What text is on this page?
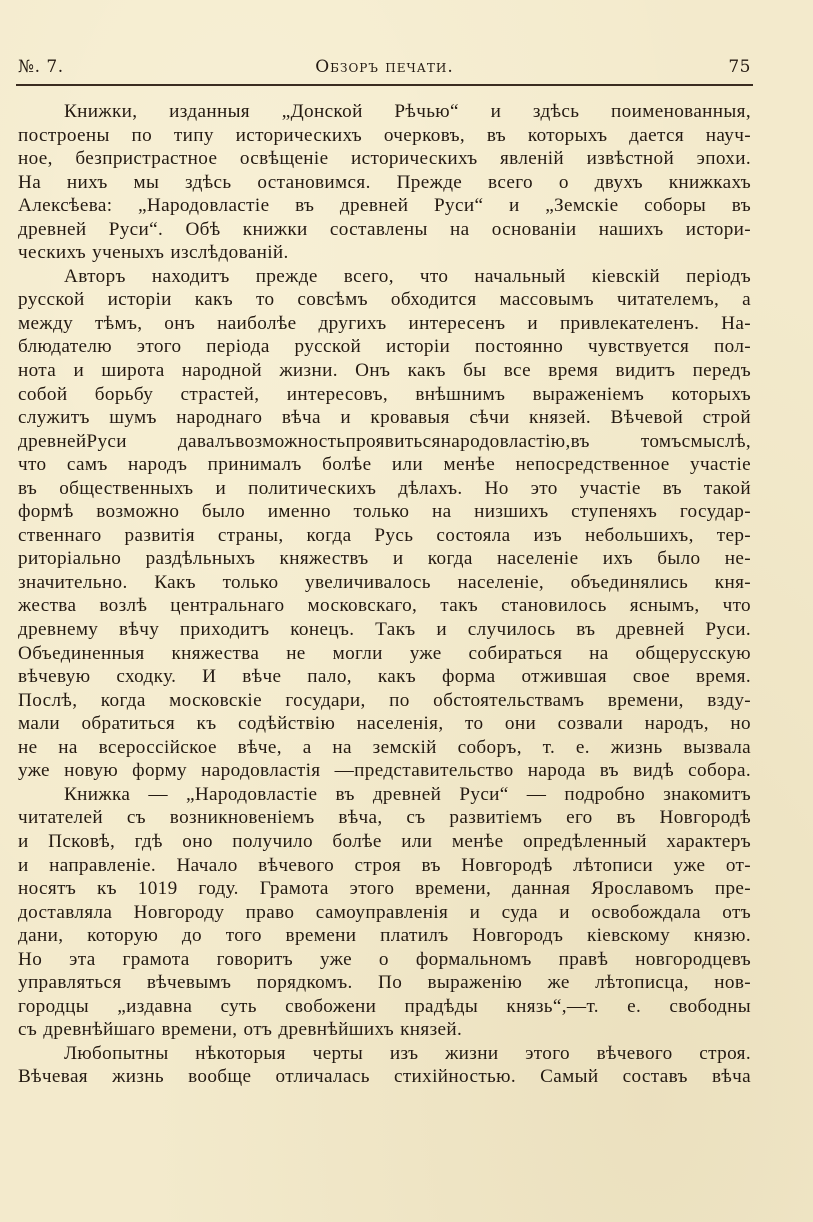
№. 7.	Обзоръ печати.	75
Книжки, изданныя „Донской Рѣчью“ и здѣсь поименованныя,
построены по типу историческихъ очерковъ, въ которыхъ дается науч-
ное, безпристрастное освѣщеніе историческихъ явленій извѣстной эпохи.
На нихъ мы здѣсь остановимся. Прежде всего о двухъ книжкахъ
Алексѣева: „Народовластіе въ древней Руси“ и „Земскіе соборы въ
древней Руси“. Обѣ книжки составлены на основаніи нашихъ истори-
ческихъ ученыхъ изслѣдованій.
Авторъ находитъ прежде всего, что начальный кіевскій періодъ
русской исторіи какъ то совсѣмъ обходится массовымъ читателемъ, а
между тѣмъ, онъ наиболѣе другихъ интересенъ и привлекателенъ. На-
блюдателю этого періода русской исторіи постоянно чувствуется пол-
нота и широта народной жизни. Онъ какъ бы все время видитъ передъ
собой борьбу страстей, интересовъ, внѣшнимъ выраженіемъ которыхъ
служитъ шумъ народнаго вѣча и кровавыя сѣчи князей. Вѣчевой строй
древнейРуси давалъвозможностьпроявитьсянародовластію,въ томъсмыслѣ,
что самъ народъ принималъ болѣе или менѣе непосредственное участіе
въ общественныхъ и политическихъ дѣлахъ. Но это участіе въ такой
формѣ возможно было именно только на низшихъ ступеняхъ государ-
ственнаго развитія страны, когда Русь состояла изъ небольшихъ, тер-
риторіально раздѣльныхъ княжествъ и когда населеніе ихъ было не-
значительно. Какъ только увеличивалось населеніе, объединялись кня-
жества возлѣ центральнаго московскаго, такъ становилось яснымъ, что
древнему вѣчу приходитъ конецъ. Такъ и случилось въ древней Руси.
Объединенныя княжества не могли уже собираться на общерусскую
вѣчевую сходку. И вѣче пало, какъ форма отжившая свое время.
Послѣ, когда московскіе государи, по обстоятельствамъ времени, взду-
мали обратиться къ содѣйствію населенія, то они созвали народъ, но
не на всероссійское вѣче, а на земскій соборъ, т. е. жизнь вызвала
уже новую форму народовластія —представительство народа въ видѣ собора.
Книжка — „Народовластіе въ древней Руси“ — подробно знакомитъ
читателей съ возникновеніемъ вѣча, съ развитіемъ его въ Новгородѣ
и Псковѣ, гдѣ оно получило болѣе или менѣе опредѣленный характеръ
и направленіе. Начало вѣчевого строя въ Новгородѣ лѣтописи уже от-
носятъ къ 1019 году. Грамота этого времени, данная Ярославомъ пре-
доставляла Новгороду право самоуправленія и суда и освобождала отъ
дани, которую до того времени платилъ Новгородъ кіевскому князю.
Но эта грамота говоритъ уже о формальномъ правѣ новгородцевъ
управляться вѣчевымъ порядкомъ. По выраженію же лѣтописца, нов-
городцы „издавна суть свобожени прадѣды князь“,—т. е. свободны
съ древнѣйшаго времени, отъ древнѣйшихъ князей.
Любопытны нѣкоторыя черты изъ жизни этого вѣчевого строя.
Вѣчевая жизнь вообще отличалась стихійностью. Самый составъ вѣча
